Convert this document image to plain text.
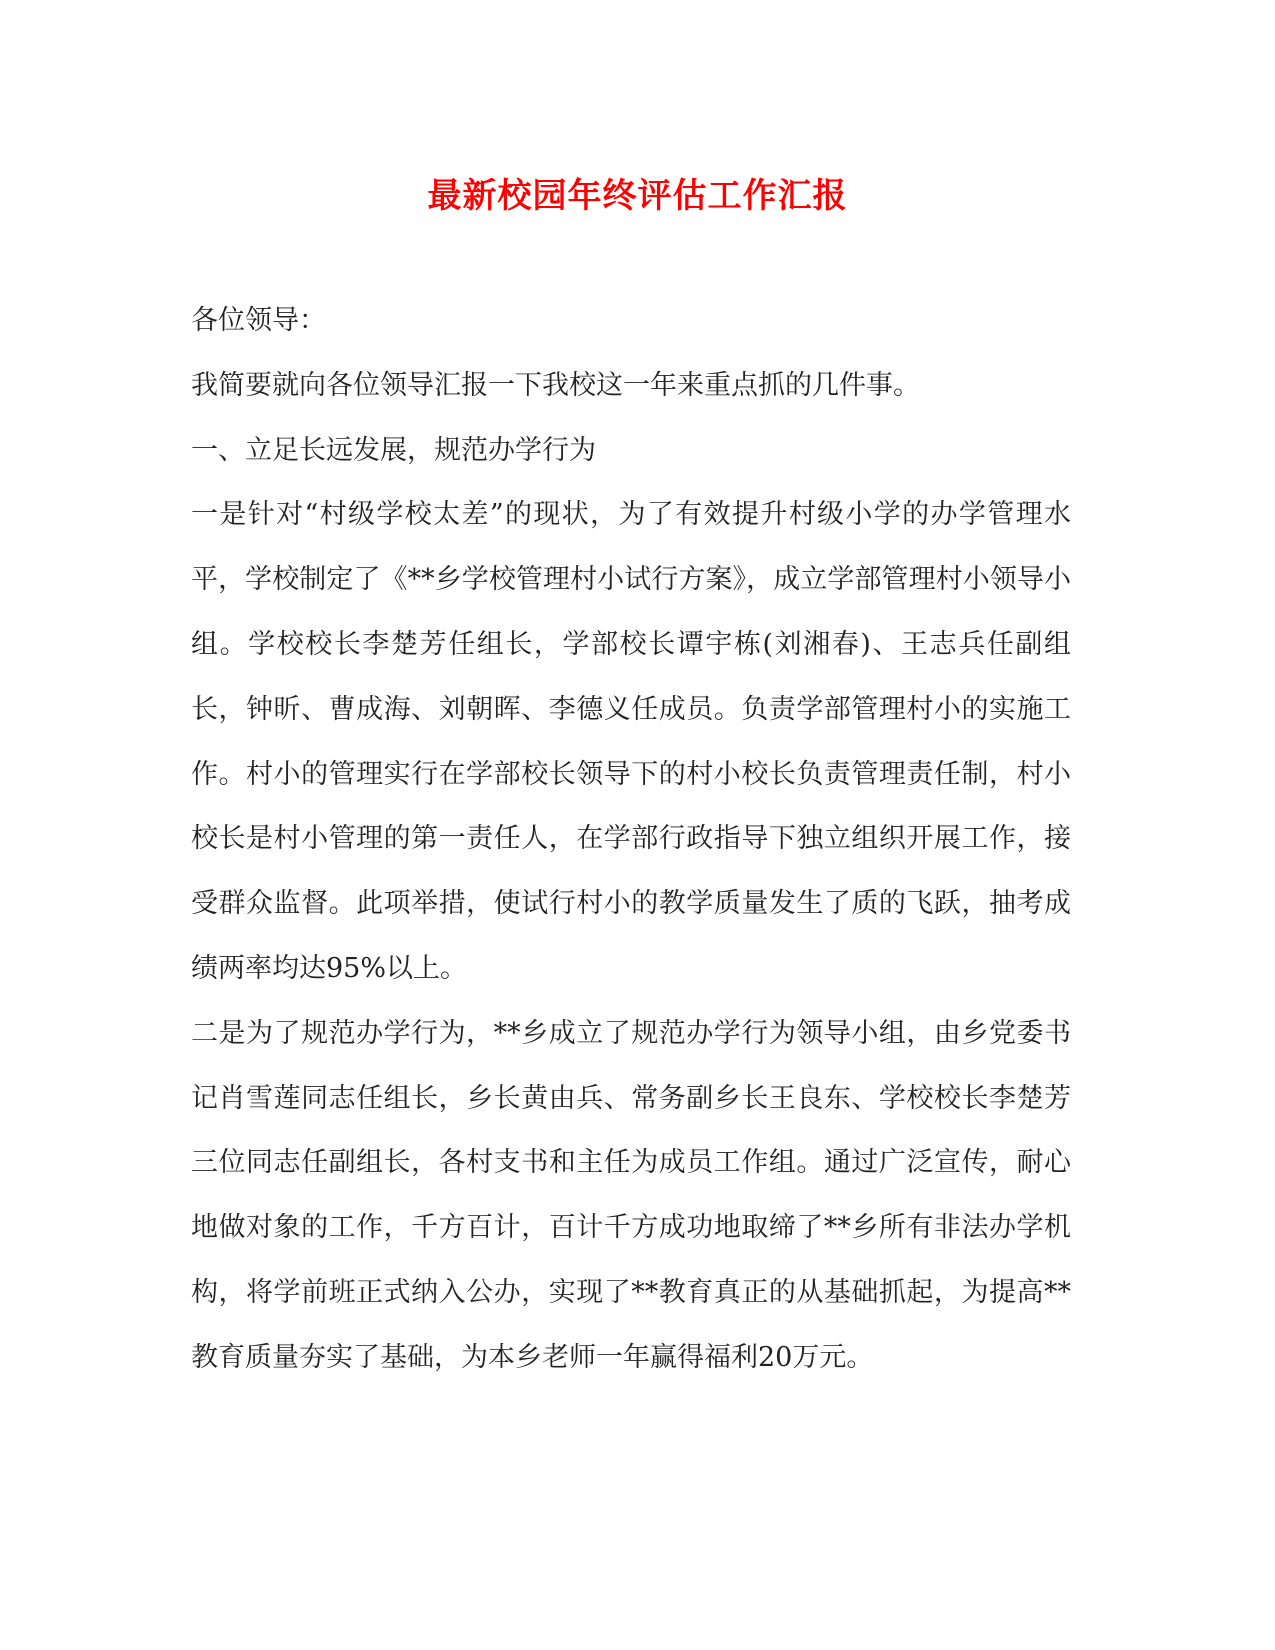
最新校园年终评估工作汇报

各位领导：

我简要就向各位领导汇报一下我校这一年来重点抓的几件事。

一、立足长远发展，规范办学行为

一是针对“村级学校太差”的现状，为了有效提升村级小学的办学管理水平，学校制定了《**乡学校管理村小试行方案》，成立学部管理村小领导小组。学校校长李楚芳任组长，学部校长谭宇栋(刘湘春)、王志兵任副组长，钟昕、曹成海、刘朝晖、李德义任成员。负责学部管理村小的实施工作。村小的管理实行在学部校长领导下的村小校长负责管理责任制，村小校长是村小管理的第一责任人，在学部行政指导下独立组织开展工作，接受群众监督。此项举措，使试行村小的教学质量发生了质的飞跃，抽考成绩两率均达95%以上。

二是为了规范办学行为，**乡成立了规范办学行为领导小组，由乡党委书记肖雪莲同志任组长，乡长黄由兵、常务副乡长王良东、学校校长李楚芳三位同志任副组长，各村支书和主任为成员工作组。通过广泛宣传，耐心地做对象的工作，千方百计，百计千方成功地取缔了**乡所有非法办学机构，将学前班正式纳入公办，实现了**教育真正的从基础抓起，为提高**教育质量夯实了基础，为本乡老师一年赢得福利20万元。
